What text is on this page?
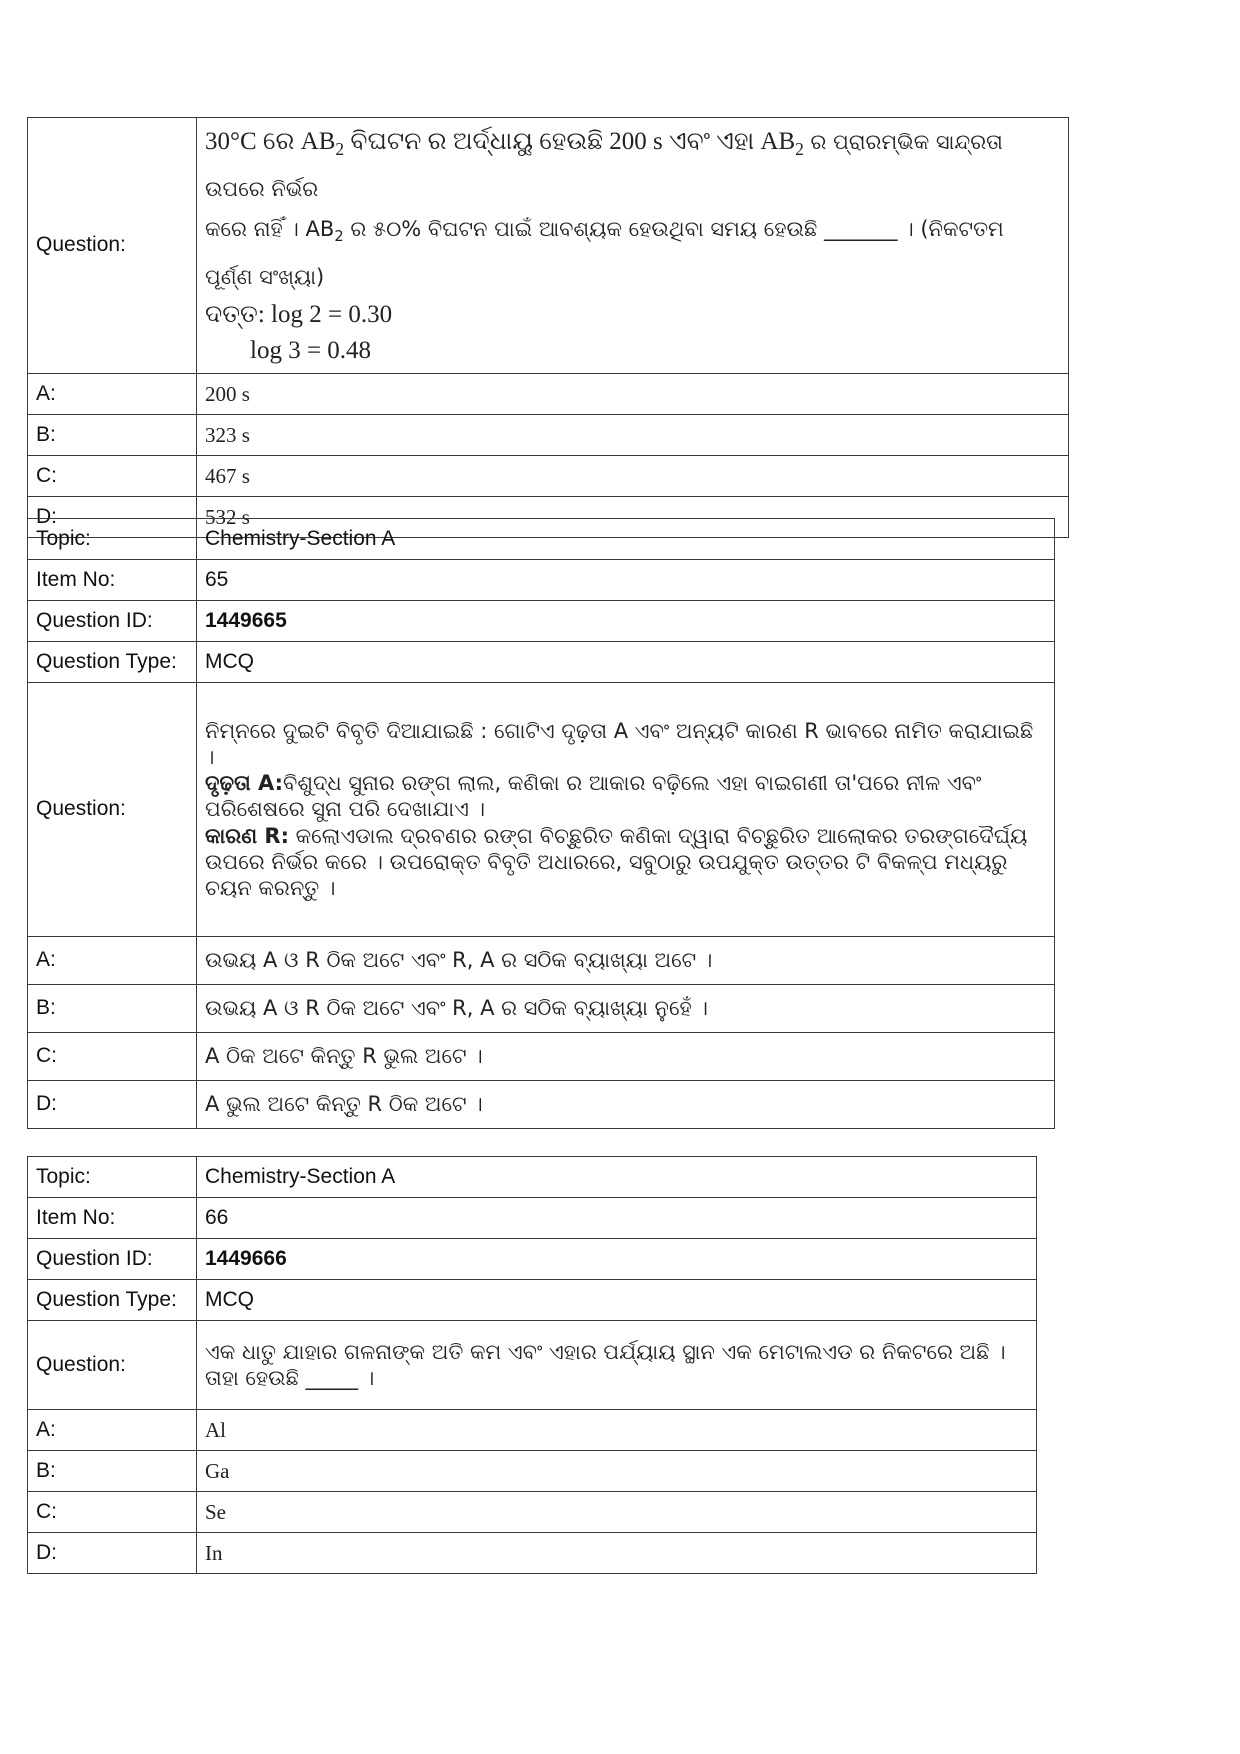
Question:	30°C ରେ $AB_2$ ବିଘଟନ ର ଅର୍ଦ୍ଧାୟୁ ହେଉଛି 200 s ଏବଂ ଏହା $AB_2$ ର ପ୍ରାରମ୍ଭିକ ସାନ୍ଦ୍ରତା ଉପରେ ନିର୍ଭର
କରେ ନାହିଁ । $AB_2$ ର ୫୦% ବିଘଟନ ପାଇଁ ଆବଶ୍ୟକ ହେଉଥିବା ସମୟ ହେଉଛି _______ । (ନିକଟତମ
ପୂର୍ଣ୍ଣ ସଂଖ୍ୟା)
ଦତ୍ତ: log 2 = 0.30
log 3 = 0.48

A:	200 s
B:	323 s
C:	467 s
D:	532 s
Topic:	Chemistry-Section A
Item No:	65
Question ID:	1449665
Question Type:	MCQ
Question:	ନିମ୍ନରେ ଦୁଇଟି ବିବୃତି ଦିଆଯାଇଛି : ଗୋଟିଏ ଦୃଢ଼ତା A ଏବଂ ଅନ୍ୟଟି କାରଣ R ଭାବରେ ନାମିତ କରାଯାଇଛି ।
ଦୃଢ଼ତା A:ବିଶୁଦ୍ଧ ସୁନାର ରଙ୍ଗ ଲାଲ, କଣିକା ର ଆକାର ବଢ଼ିଲେ ଏହା ବାଇଗଣୀ ତା'ପରେ ନୀଳ ଏବଂ ପରିଶେଷରେ ସୁନା ପରି ଦେଖାଯାଏ ।
କାରଣ R: କଲୋଏଡାଲ ଦ୍ରବଣର ରଙ୍ଗ ବିଚ୍ଛୁରିତ କଣିକା ଦ୍ୱାରା ବିଚ୍ଛୁରିତ ଆଲୋକର ତରଙ୍ଗଦୈର୍ଘ୍ୟ ଉପରେ ନିର୍ଭର କରେ । ଉପରୋକ୍ତ ବିବୃତି ଅଧାରରେ, ସବୁଠାରୁ ଉପଯୁକ୍ତ ଉତ୍ତର ଟି ବିକଳ୍ପ ମଧ୍ୟରୁ ଚୟନ କରନ୍ତୁ ।

A:	ଉଭୟ A ଓ R ଠିକ ଅଟେ ଏବଂ R, A ର ସଠିକ ବ୍ୟାଖ୍ୟା ଅଟେ ।
B:	ଉଭୟ A ଓ R ଠିକ ଅଟେ ଏବଂ R, A ର ସଠିକ ବ୍ୟାଖ୍ୟା ନୁହେଁ ।
C:	A ଠିକ ଅଟେ କିନ୍ତୁ R ଭୁଲ ଅଟେ ।
D:	A ଭୁଲ ଅଟେ କିନ୍ତୁ R ଠିକ ଅଟେ ।
Topic:	Chemistry-Section A
Item No:	66
Question ID:	1449666
Question Type:	MCQ
Question:	ଏକ ଧାତୁ ଯାହାର ଗଳନାଙ୍କ ଅତି କମ ଏବଂ ଏହାର ପର୍ଯ୍ୟାୟ ସ୍ଥାନ ଏକ ମେଟାଲଏଡ ର ନିକଟରେ ଅଛି । ତାହା ହେଉଛି _____ ।
A:	Al
B:	Ga
C:	Se
D:	In
